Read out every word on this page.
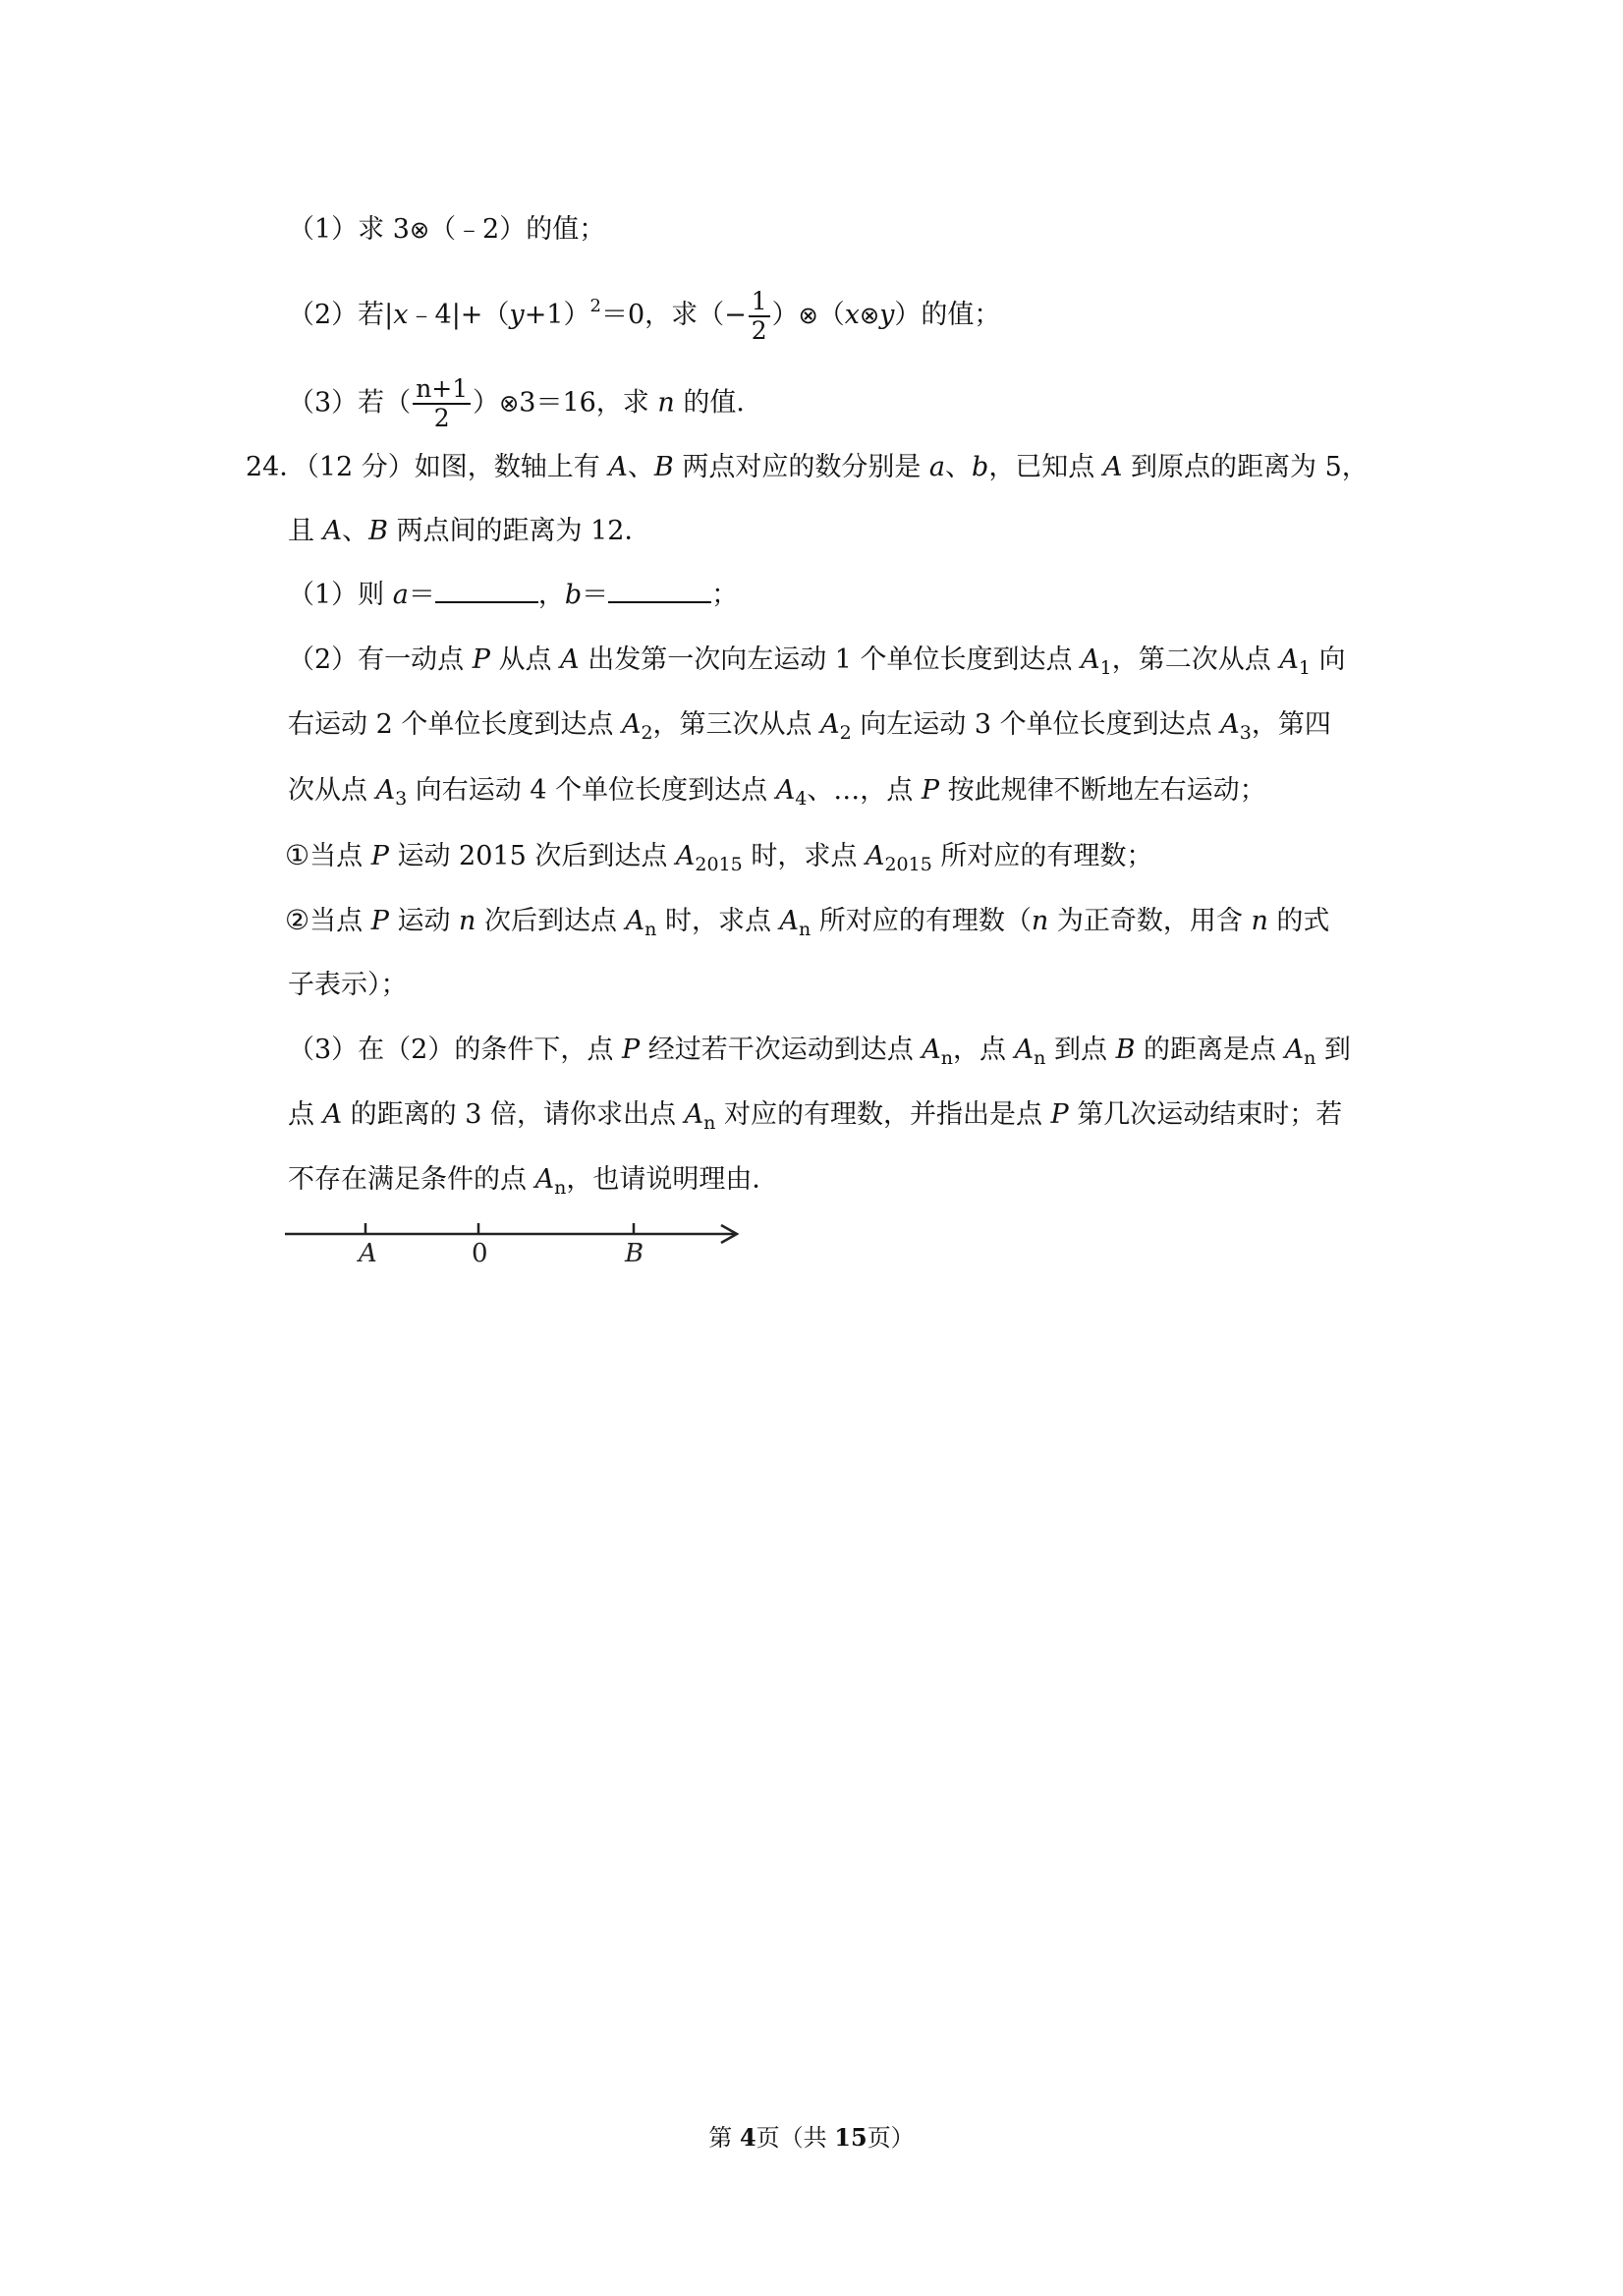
（1）求 3⊗（﹣2）的值；
（2）若$|x﹣4|+(y+1)^2=0$，求（− $\frac{1}{2}$ ）⊗（x⊗y）的值；
（3）若（ $\frac{n+1}{2}$ ）⊗3＝16，求 n 的值．
24．（12 分）如图，数轴上有 A、B 两点对应的数分别是 a、b，已知点 A 到原点的距离为 5，
且 A、B 两点间的距离为 12．
（1）则 a＝	，b＝	；
（2）有一动点 P 从点 A 出发第一次向左运动 1 个单位长度到达点 $A_1$，第二次从点 $A_1$ 向
右运动 2 个单位长度到达点 $A_2$，第三次从点 $A_2$ 向左运动 3 个单位长度到达点 $A_3$，第四
次从点 $A_3$ 向右运动 4 个单位长度到达点 $A_4$、…，点 P 按此规律不断地左右运动；
①当点 P 运动 2015 次后到达点 $A_{2015}$ 时，求点 $A_{2015}$ 所对应的有理数；
②当点 P 运动 n 次后到达点 $A_n$ 时，求点 $A_n$ 所对应的有理数（n 为正奇数，用含 n 的式
子表示）；
（3）在（2）的条件下，点 P 经过若干次运动到达点 $A_n$，点 $A_n$ 到点 B 的距离是点 $A_n$ 到
点 A 的距离的 3 倍，请你求出点 $A_n$ 对应的有理数，并指出是点 P 第几次运动结束时；若
不存在满足条件的点 $A_n$，也请说明理由．
A	0	B
第 4页（共 15页）
